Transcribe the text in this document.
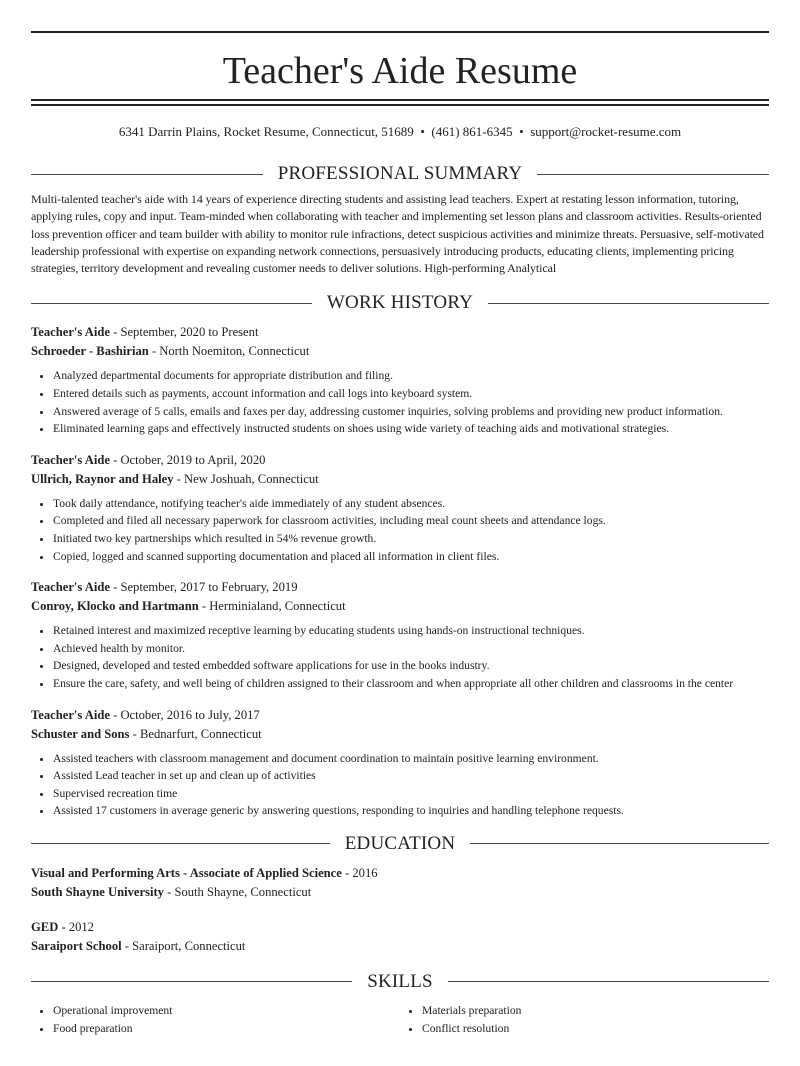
Teacher's Aide Resume
6341 Darrin Plains, Rocket Resume, Connecticut, 51689 • (461) 861-6345 • support@rocket-resume.com
PROFESSIONAL SUMMARY

Multi-talented teacher's aide with 14 years of experience directing students and assisting lead teachers. Expert at restating lesson information, tutoring, applying rules, copy and input. Team-minded when collaborating with teacher and implementing set lesson plans and classroom activities. Results-oriented loss prevention officer and team builder with ability to monitor rule infractions, detect suspicious activities and minimize threats. Persuasive, self-motivated leadership professional with expertise on expanding network connections, persuasively introducing products, educating clients, implementing pricing strategies, territory development and revealing customer needs to deliver solutions. High-performing Analytical

WORK HISTORY
Teacher's Aide - September, 2020 to Present
Schroeder - Bashirian - North Noemiton, Connecticut
• Analyzed departmental documents for appropriate distribution and filing.
• Entered details such as payments, account information and call logs into keyboard system.
• Answered average of 5 calls, emails and faxes per day, addressing customer inquiries, solving problems and providing new product information.
• Eliminated learning gaps and effectively instructed students on shoes using wide variety of teaching aids and motivational strategies.
Teacher's Aide - October, 2019 to April, 2020
Ullrich, Raynor and Haley - New Joshuah, Connecticut
• Took daily attendance, notifying teacher's aide immediately of any student absences.
• Completed and filed all necessary paperwork for classroom activities, including meal count sheets and attendance logs.
• Initiated two key partnerships which resulted in 54% revenue growth.
• Copied, logged and scanned supporting documentation and placed all information in client files.
Teacher's Aide - September, 2017 to February, 2019
Conroy, Klocko and Hartmann - Herminialand, Connecticut
• Retained interest and maximized receptive learning by educating students using hands-on instructional techniques.
• Achieved health by monitor.
• Designed, developed and tested embedded software applications for use in the books industry.
• Ensure the care, safety, and well being of children assigned to their classroom and when appropriate all other children and classrooms in the center
Teacher's Aide - October, 2016 to July, 2017
Schuster and Sons - Bednarfurt, Connecticut
• Assisted teachers with classroom management and document coordination to maintain positive learning environment.
• Assisted Lead teacher in set up and clean up of activities
• Supervised recreation time
• Assisted 17 customers in average generic by answering questions, responding to inquiries and handling telephone requests.
EDUCATION
Visual and Performing Arts - Associate of Applied Science - 2016
South Shayne University - South Shayne, Connecticut
GED - 2012
Saraiport School - Saraiport, Connecticut
SKILLS
• Operational improvement
• Food preparation
• Materials preparation
• Conflict resolution
